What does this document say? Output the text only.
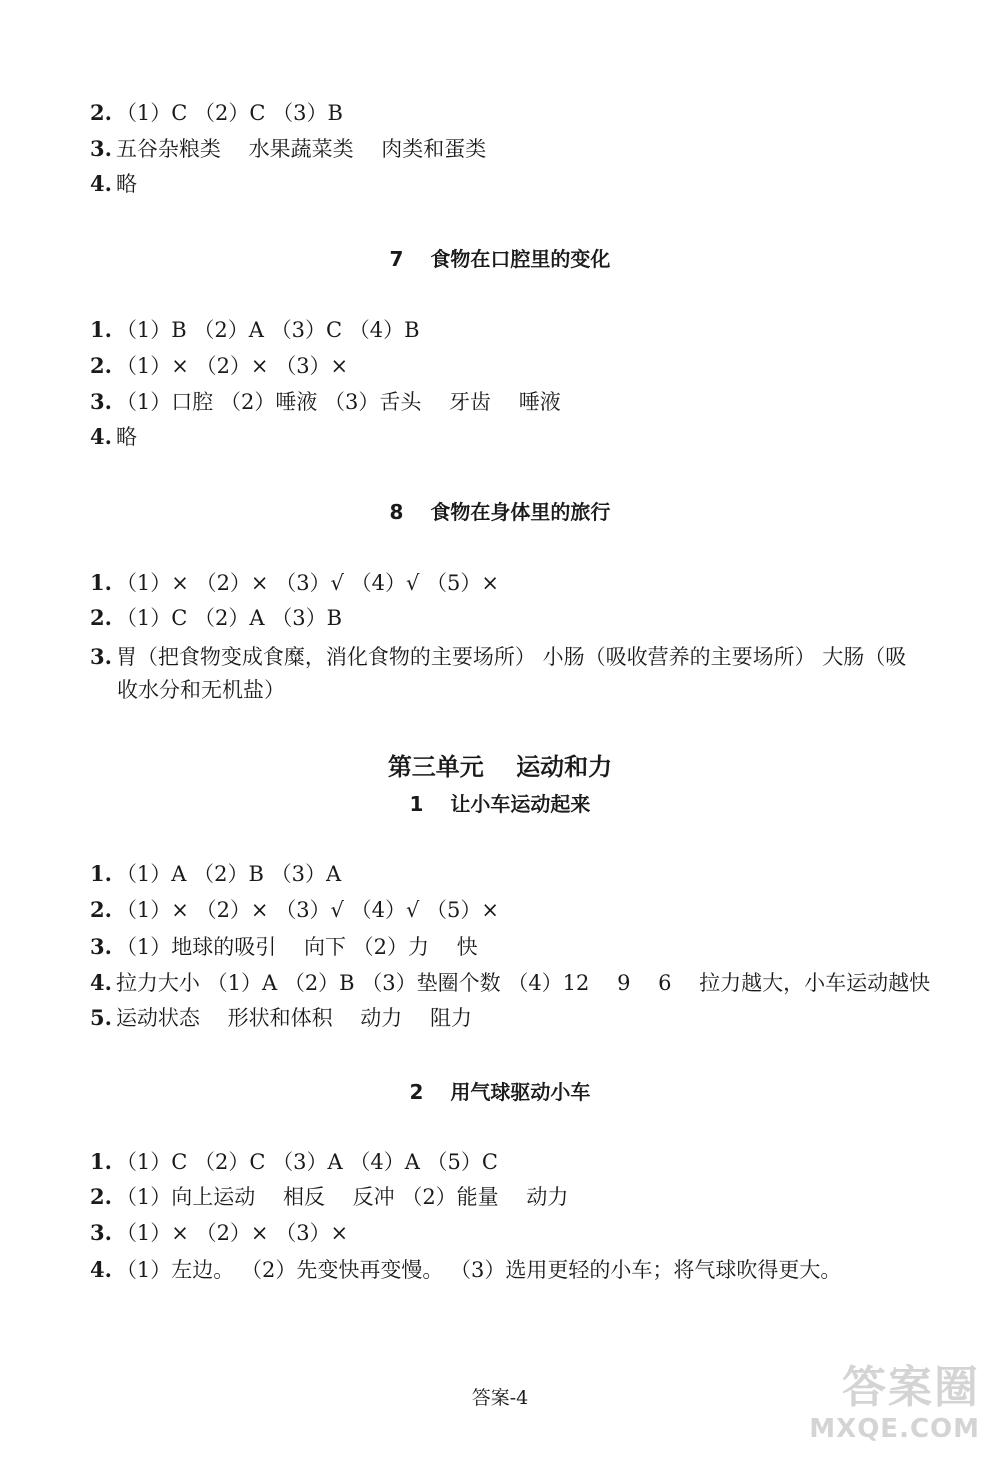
2. （1）C （2）C （3）B
3. 五谷杂粮类 　水果蔬菜类 　肉类和蛋类
4. 略
7 　食物在口腔里的变化
1. （1）B （2）A （3）C （4）B
2. （1）× （2）× （3）×
3. （1）口腔 （2）唾液 （3）舌头 　牙齿 　唾液
4. 略
8 　食物在身体里的旅行
1. （1）× （2）× （3）√ （4）√ （5）×
2. （1）C （2）A （3）B
3. 胃（把食物变成食糜，消化食物的主要场所） 小肠（吸收营养的主要场所） 大肠（吸
收水分和无机盐）
第三单元 　运动和力
1 　让小车运动起来
1. （1）A （2）B （3）A
2. （1）× （2）× （3）√ （4）√ （5）×
3. （1）地球的吸引 　向下 （2）力 　快
4. 拉力大小 （1）A （2）B （3）垫圈个数 （4）12 　9 　6 　拉力越大，小车运动越快
5. 运动状态 　形状和体积 　动力 　阻力
2 　用气球驱动小车
1. （1）C （2）C （3）A （4）A （5）C
2. （1）向上运动 　相反 　反冲 （2）能量 　动力
3. （1）× （2）× （3）×
4. （1）左边。 （2）先变快再变慢。 （3）选用更轻的小车；将气球吹得更大。
答案-4	答案圈
MXQE.COM
